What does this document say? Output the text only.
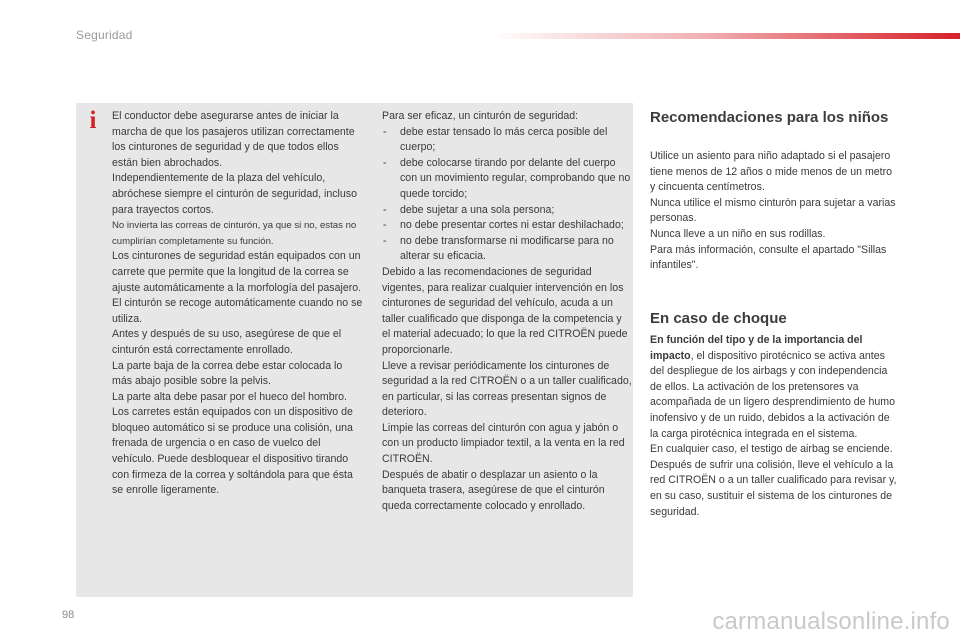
Seguridad
i El conductor debe asegurarse antes de iniciar la marcha de que los pasajeros utilizan correctamente los cinturones de seguridad y de que todos ellos están bien abrochados.

Independientemente de la plaza del vehículo, abróchese siempre el cinturón de seguridad, incluso para trayectos cortos.

No invierta las correas de cinturón, ya que si no, estas no cumplirían completamente su función.

Los cinturones de seguridad están equipados con un carrete que permite que la longitud de la correa se ajuste automáticamente a la morfología del pasajero. El cinturón se recoge automáticamente cuando no se utiliza.

Antes y después de su uso, asegúrese de que el cinturón está correctamente enrollado.

La parte baja de la correa debe estar colocada lo más abajo posible sobre la pelvis.

La parte alta debe pasar por el hueco del hombro.

Los carretes están equipados con un dispositivo de bloqueo automático si se produce una colisión, una frenada de urgencia o en caso de vuelco del vehículo. Puede desbloquear el dispositivo tirando con firmeza de la correa y soltándola para que ésta se enrolle ligeramente.

Para ser eficaz, un cinturón de seguridad:

- debe estar tensado lo más cerca posible del cuerpo;

- debe colocarse tirando por delante del cuerpo con un movimiento regular, comprobando que no quede torcido;

- debe sujetar a una sola persona;

- no debe presentar cortes ni estar deshilachado;

- no debe transformarse ni modificarse para no alterar su eficacia.

Debido a las recomendaciones de seguridad vigentes, para realizar cualquier intervención en los cinturones de seguridad del vehículo, acuda a un taller cualificado que disponga de la competencia y el material adecuado; lo que la red CITROËN puede proporcionarle.

Lleve a revisar periódicamente los cinturones de seguridad a la red CITROËN o a un taller cualificado, en particular, si las correas presentan signos de deterioro.

Limpie las correas del cinturón con agua y jabón o con un producto limpiador textil, a la venta en la red CITROËN.

Después de abatir o desplazar un asiento o la banqueta trasera, asegúrese de que el cinturón queda correctamente colocado y enrollado.

Recomendaciones para los niños

Utilice un asiento para niño adaptado si el pasajero tiene menos de 12 años o mide menos de un metro y cincuenta centímetros.

Nunca utilice el mismo cinturón para sujetar a varias personas.

Nunca lleve a un niño en sus rodillas.

Para más información, consulte el apartado "Sillas infantiles".

En caso de choque

En función del tipo y de la importancia del impacto, el dispositivo pirotécnico se activa antes del despliegue de los airbags y con independencia de ellos. La activación de los pretensores va acompañada de un ligero desprendimiento de humo inofensivo y de un ruido, debidos a la activación de la carga pirotécnica integrada en el sistema.

En cualquier caso, el testigo de airbag se enciende.

Después de sufrir una colisión, lleve el vehículo a la red CITROËN o a un taller cualificado para revisar y, en su caso, sustituir el sistema de los cinturones de seguridad.

98	carmanualsonline.info
